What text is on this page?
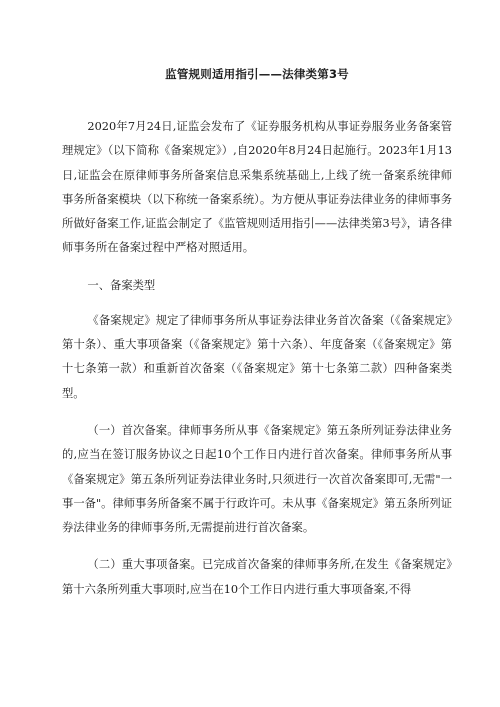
监管规则适用指引——法律类第3号

2020年7月24日,证监会发布了《证券服务机构从事证券服务业务备案管理规定》（以下简称《备案规定》）,自2020年8月24日起施行。2023年1月13日,证监会在原律师事务所备案信息采集系统基础上,上线了统一备案系统律师事务所备案模块（以下称统一备案系统）。为方便从事证券法律业务的律师事务所做好备案工作,证监会制定了《监管规则适用指引——法律类第3号》，请各律师事务所在备案过程中严格对照适用。

一、备案类型

《备案规定》规定了律师事务所从事证券法律业务首次备案（《备案规定》第十条）、重大事项备案（《备案规定》第十六条）、年度备案（《备案规定》第十七条第一款）和重新首次备案（《备案规定》第十七条第二款）四种备案类型。

（一）首次备案。律师事务所从事《备案规定》第五条所列证券法律业务的,应当在签订服务协议之日起10个工作日内进行首次备案。律师事务所从事《备案规定》第五条所列证券法律业务时,只须进行一次首次备案即可,无需"一事一备"。律师事务所备案不属于行政许可。未从事《备案规定》第五条所列证券法律业务的律师事务所,无需提前进行首次备案。

（二）重大事项备案。已完成首次备案的律师事务所,在发生《备案规定》第十六条所列重大事项时,应当在10个工作日内进行重大事项备案,不得
